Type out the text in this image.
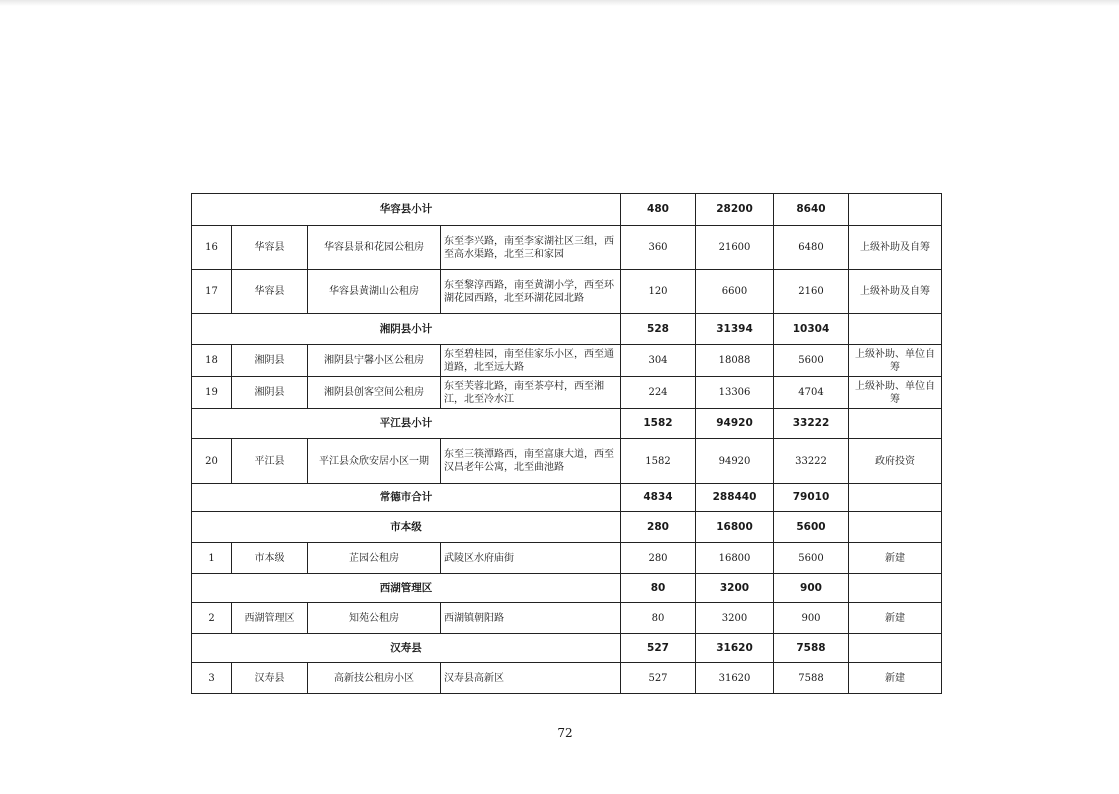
华容县小计				480	28200	8640	
16	华容县	华容县景和花园公租房	东至李兴路，南至李家湖社区三组，西至高水渠路，北至三和家园	360	21600	6480	上级补助及自筹
17	华容县	华容县黄湖山公租房	东至黎淳西路，南至黄湖小学，西至环湖花园西路，北至环湖花园北路	120	6600	2160	上级补助及自筹
湘阴县小计				528	31394	10304	
18	湘阴县	湘阴县宁馨小区公租房	东至碧桂园，南至佳家乐小区，西至通道路，北至远大路	304	18088	5600	上级补助、单位自筹
19	湘阴县	湘阴县创客空间公租房	东至芙蓉北路，南至茶亭村，西至湘江，北至冷水江	224	13306	4704	上级补助、单位自筹
平江县小计				1582	94920	33222	
20	平江县	平江县众欣安居小区一期	东至三筷潭路西，南至富康大道，西至汉昌老年公寓，北至曲池路	1582	94920	33222	政府投资
常德市合计				4834	288440	79010	
市本级				280	16800	5600	
1	市本级	芷园公租房	武陵区水府庙街	280	16800	5600	新建
西湖管理区				80	3200	900	
2	西湖管理区	知苑公租房	西湖镇朝阳路	80	3200	900	新建
汉寿县				527	31620	7588	
3	汉寿县	高新技公租房小区	汉寿县高新区	527	31620	7588	新建
72
